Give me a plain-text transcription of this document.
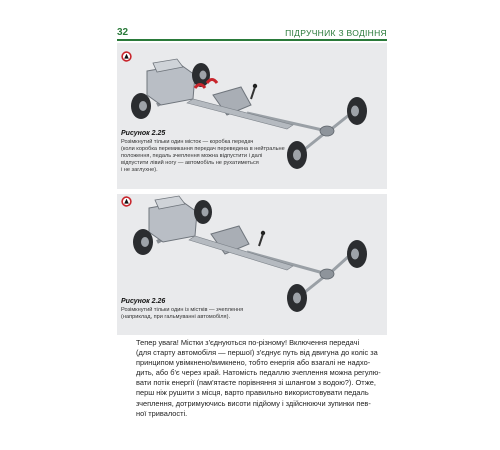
32	ПІДРУЧНИК З ВОДІННЯ
Рисунок 2.25
Розімкнутий тільки один місток — коробка передач
(коли коробка перемикання передач переведена в нейтральне
положення, педаль зчеплення можна відпустити і далі
відпустити лівий ногу — автомобіль не рухатиметься
і не заглухне).
Рисунок 2.26
Розімкнутий тільки один із містків — зчеплення
(наприклад, при гальмуванні автомобіля).
Тепер увага! Містки з'єднуються по-різному! Включення передачі
(для старту автомобіля — першої) з'єднує путь від двигуна до коліс за
принципом увімкнено/вимкнено, тобто енергія або взагалі не надхо-
дить, або б'є через край. Натомість педаллю зчеплення можна регулю-
вати потік енергії (пам'ятаєте порівняння зі шлангом з водою?). Отже,
перш ніж рушити з місця, варто правильно використовувати педаль
зчеплення, дотримуючись висоти підйому і здійснюючи зупинки пев-
ної тривалості.
